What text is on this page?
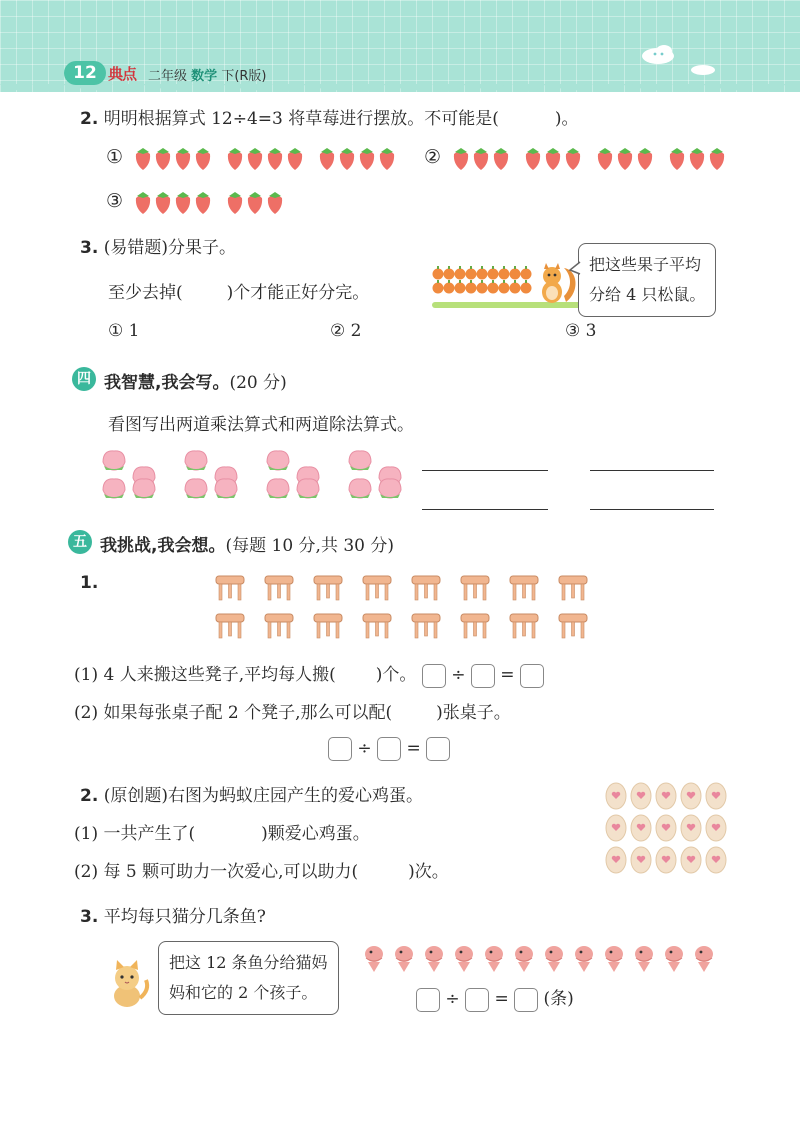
12 典点 二年级 数学 下(R版)
2. 明明根据算式 12÷4=3 将草莓进行摆放。不可能是(	)。
①	②
③
3. (易错题)分果子。
至少去掉(	)个才能正好分完。
把这些果子平均
分给 4 只松鼠。
① 1	② 2	③ 3
四 我智慧,我会写。(20 分)
看图写出两道乘法算式和两道除法算式。
五 我挑战,我会想。(每题 10 分,共 30 分)
1.
(1) 4 人来搬这些凳子,平均每人搬( )个。 ÷ =
(2) 如果每张桌子配 2 个凳子,那么可以配(	)张桌子。
÷ =
2. (原创题)右图为蚂蚁庄园产生的爱心鸡蛋。
(1) 一共产生了(	)颗爱心鸡蛋。
(2) 每 5 颗可助力一次爱心,可以助力(	)次。
3. 平均每只猫分几条鱼?
把这 12 条鱼分给猫妈
妈和它的 2 个孩子。	÷ = (条)
